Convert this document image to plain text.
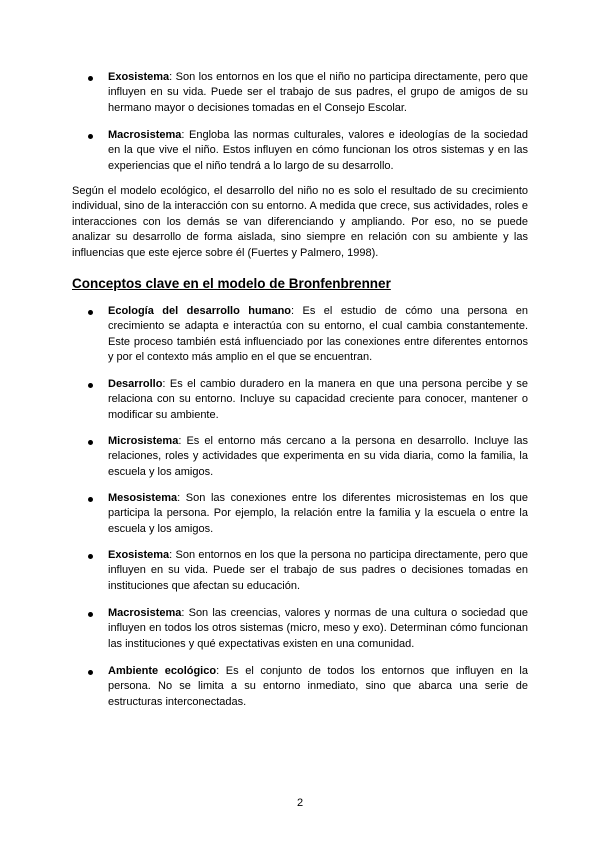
Exosistema: Son los entornos en los que el niño no participa directamente, pero que influyen en su vida. Puede ser el trabajo de sus padres, el grupo de amigos de su hermano mayor o decisiones tomadas en el Consejo Escolar.
Macrosistema: Engloba las normas culturales, valores e ideologías de la sociedad en la que vive el niño. Estos influyen en cómo funcionan los otros sistemas y en las experiencias que el niño tendrá a lo largo de su desarrollo.
Según el modelo ecológico, el desarrollo del niño no es solo el resultado de su crecimiento individual, sino de la interacción con su entorno. A medida que crece, sus actividades, roles e interacciones con los demás se van diferenciando y ampliando. Por eso, no se puede analizar su desarrollo de forma aislada, sino siempre en relación con su ambiente y las influencias que este ejerce sobre él (Fuertes y Palmero, 1998).
Conceptos clave en el modelo de Bronfenbrenner
Ecología del desarrollo humano: Es el estudio de cómo una persona en crecimiento se adapta e interactúa con su entorno, el cual cambia constantemente. Este proceso también está influenciado por las conexiones entre diferentes entornos y por el contexto más amplio en el que se encuentran.
Desarrollo: Es el cambio duradero en la manera en que una persona percibe y se relaciona con su entorno. Incluye su capacidad creciente para conocer, mantener o modificar su ambiente.
Microsistema: Es el entorno más cercano a la persona en desarrollo. Incluye las relaciones, roles y actividades que experimenta en su vida diaria, como la familia, la escuela y los amigos.
Mesosistema: Son las conexiones entre los diferentes microsistemas en los que participa la persona. Por ejemplo, la relación entre la familia y la escuela o entre la escuela y los amigos.
Exosistema: Son entornos en los que la persona no participa directamente, pero que influyen en su vida. Puede ser el trabajo de sus padres o decisiones tomadas en instituciones que afectan su educación.
Macrosistema: Son las creencias, valores y normas de una cultura o sociedad que influyen en todos los otros sistemas (micro, meso y exo). Determinan cómo funcionan las instituciones y qué expectativas existen en una comunidad.
Ambiente ecológico: Es el conjunto de todos los entornos que influyen en la persona. No se limita a su entorno inmediato, sino que abarca una serie de estructuras interconectadas.
2
